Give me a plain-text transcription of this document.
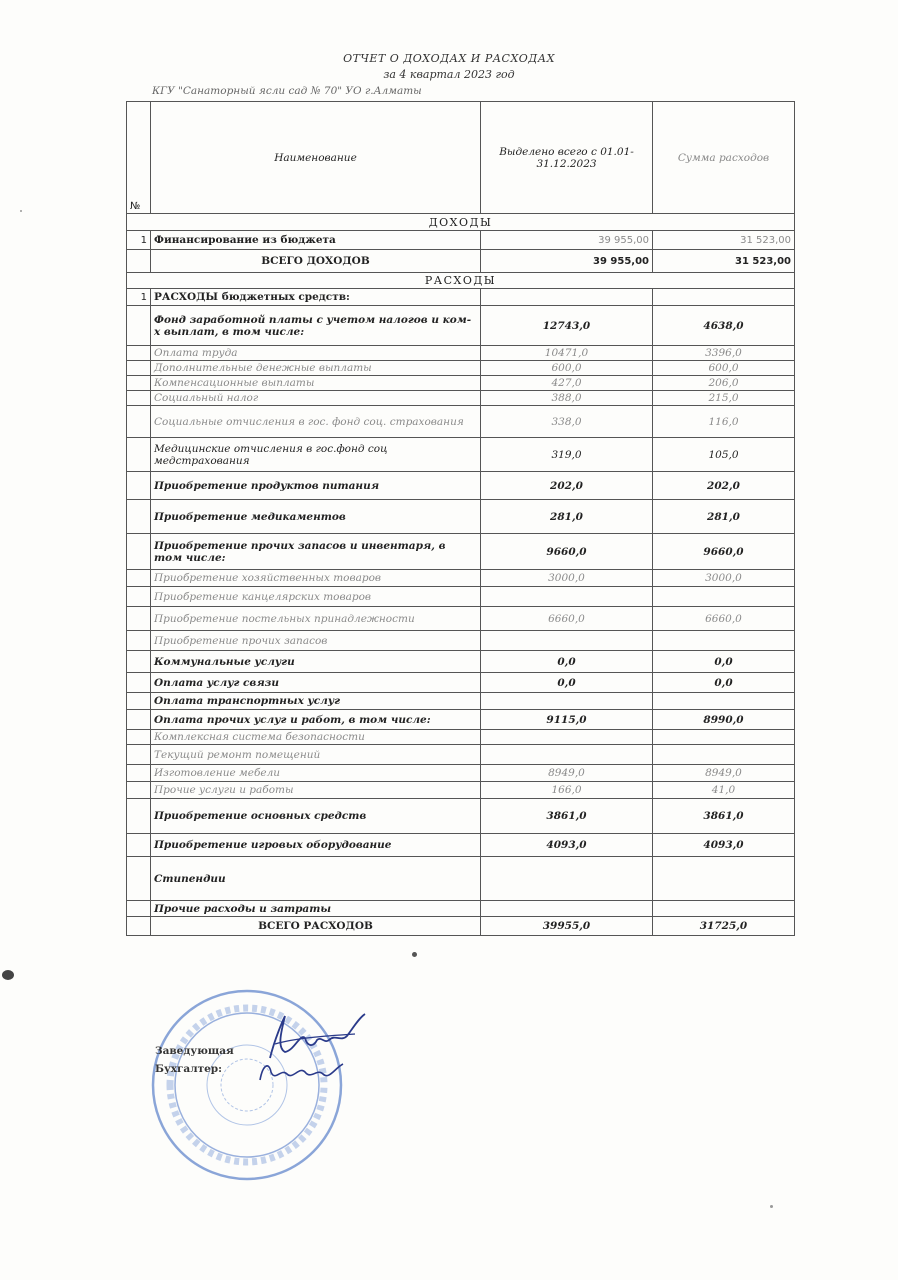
ОТЧЕТ О ДОХОДАХ И РАСХОДАХ
за 4 квартал 2023 год
КГУ "Санаторный ясли сад № 70" УО г.Алматы
№	Наименование	Выделено всего с 01.01-31.12.2023	Сумма расходов
ДОХОДЫ			
1	Финансирование из бюджета	39 955,00	31 523,00
	ВСЕГО ДОХОДОВ	39 955,00	31 523,00
РАСХОДЫ			
1	РАСХОДЫ бюджетных средств:		
	Фонд заработной платы с учетом налогов и ком-х выплат, в том числе:	12743,0	4638,0
	Оплата труда	10471,0	3396,0
	Дополнительные денежные выплаты	600,0	600,0
	Компенсационные выплаты	427,0	206,0
	Социальный налог	388,0	215,0
	Социальные отчисления в гос. фонд соц. страхования	338,0	116,0
	Медицинские отчисления в гос.фонд соц медстрахования	319,0	105,0
	Приобретение продуктов питания	202,0	202,0
	Приобретение медикаментов	281,0	281,0
	Приобретение прочих запасов и инвентаря, в том числе:	9660,0	9660,0
	Приобретение хозяйственных товаров	3000,0	3000,0
	Приобретение канцелярских товаров		
	Приобретение постельных принадлежности	6660,0	6660,0
	Приобретение прочих запасов		
	Коммунальные услуги	0,0	0,0
	Оплата услуг связи	0,0	0,0
	Оплата транспортных услуг		
	Оплата прочих услуг и работ, в том числе:	9115,0	8990,0
	Комплексная система безопасности		
	Текущий ремонт помещений		
	Изготовление мебели	8949,0	8949,0
	Прочие услуги и работы	166,0	41,0
	Приобретение основных средств	3861,0	3861,0
	Приобретение игровых оборудование	4093,0	4093,0
	Стипендии		
	Прочие расходы и затраты		
	ВСЕГО РАСХОДОВ	39955,0	31725,0
Заведующая
Бухгалтер:
